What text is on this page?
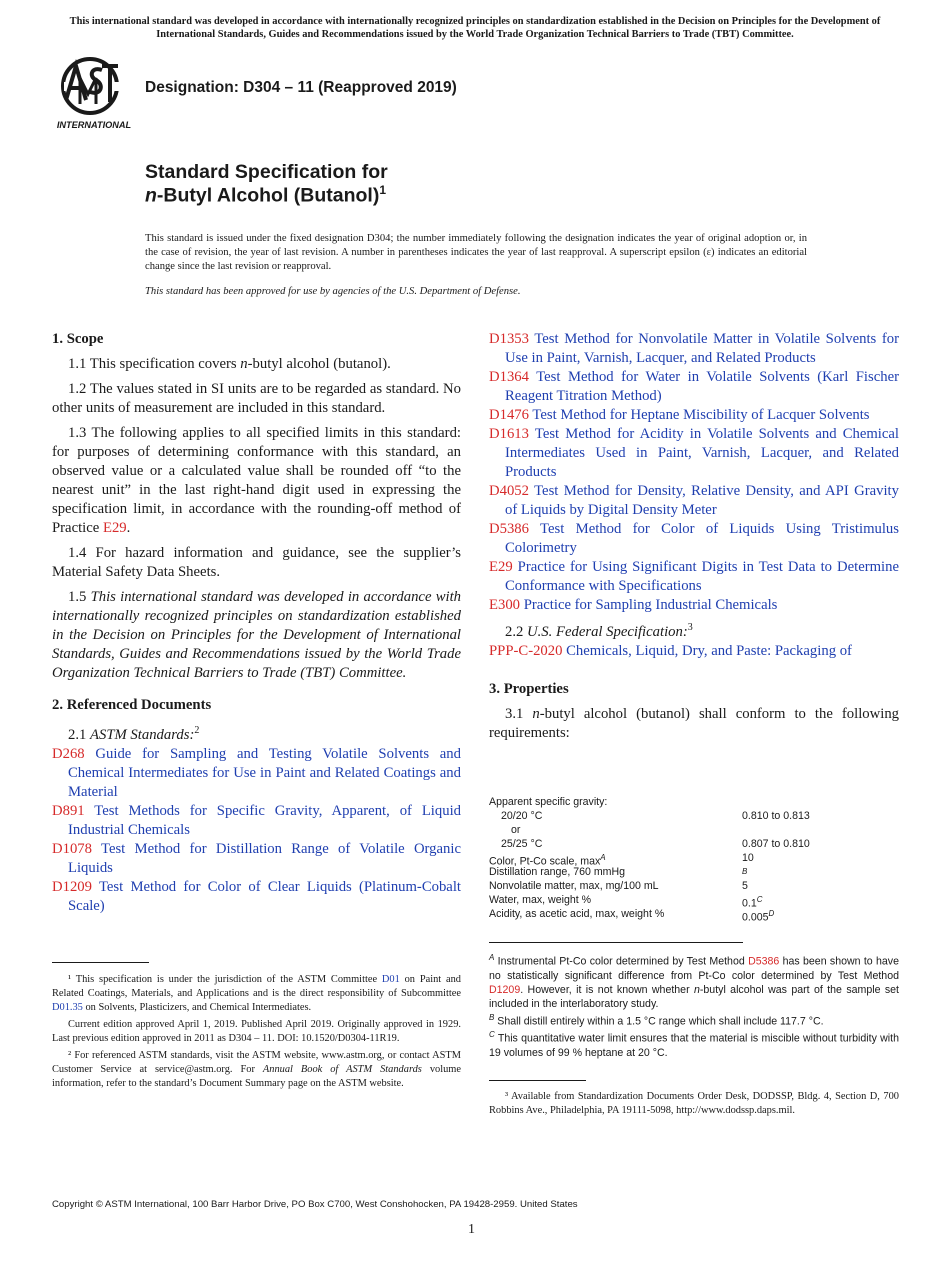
This international standard was developed in accordance with internationally recognized principles on standardization established in the Decision on Principles for the Development of International Standards, Guides and Recommendations issued by the World Trade Organization Technical Barriers to Trade (TBT) Committee.
INTERNATIONAL
Designation: D304 – 11 (Reapproved 2019)
Standard Specification for
n-Butyl Alcohol (Butanol)$^1$
This standard is issued under the fixed designation D304; the number immediately following the designation indicates the year of original adoption or, in the case of revision, the year of last revision. A number in parentheses indicates the year of last reapproval. A superscript epsilon (ε) indicates an editorial change since the last revision or reapproval.
This standard has been approved for use by agencies of the U.S. Department of Defense.
1. Scope
1.1 This specification covers n-butyl alcohol (butanol).
1.2 The values stated in SI units are to be regarded as standard. No other units of measurement are included in this standard.
1.3 The following applies to all specified limits in this standard: for purposes of determining conformance with this standard, an observed value or a calculated value shall be rounded off “to the nearest unit” in the last right-hand digit used in expressing the specification limit, in accordance with the rounding-off method of Practice E29.
1.4 For hazard information and guidance, see the supplier’s Material Safety Data Sheets.
1.5 This international standard was developed in accordance with internationally recognized principles on standardization established in the Decision on Principles for the Development of International Standards, Guides and Recommendations issued by the World Trade Organization Technical Barriers to Trade (TBT) Committee.
2. Referenced Documents
2.1 ASTM Standards:$^2$
D268 Guide for Sampling and Testing Volatile Solvents and Chemical Intermediates for Use in Paint and Related Coatings and Material
D891 Test Methods for Specific Gravity, Apparent, of Liquid Industrial Chemicals
D1078 Test Method for Distillation Range of Volatile Organic Liquids
D1209 Test Method for Color of Clear Liquids (Platinum-Cobalt Scale)
¹ This specification is under the jurisdiction of the ASTM Committee D01 on Paint and Related Coatings, Materials, and Applications and is the direct responsibility of Subcommittee D01.35 on Solvents, Plasticizers, and Chemical Intermediates.
Current edition approved April 1, 2019. Published April 2019. Originally approved in 1929. Last previous edition approved in 2011 as D304 – 11. DOI: 10.1520/D0304-11R19.
² For referenced ASTM standards, visit the ASTM website, www.astm.org, or contact ASTM Customer Service at service@astm.org. For Annual Book of ASTM Standards volume information, refer to the standard’s Document Summary page on the ASTM website.
D1353 Test Method for Nonvolatile Matter in Volatile Solvents for Use in Paint, Varnish, Lacquer, and Related Products
D1364 Test Method for Water in Volatile Solvents (Karl Fischer Reagent Titration Method)
D1476 Test Method for Heptane Miscibility of Lacquer Solvents
D1613 Test Method for Acidity in Volatile Solvents and Chemical Intermediates Used in Paint, Varnish, Lacquer, and Related Products
D4052 Test Method for Density, Relative Density, and API Gravity of Liquids by Digital Density Meter
D5386 Test Method for Color of Liquids Using Tristimulus Colorimetry
E29 Practice for Using Significant Digits in Test Data to Determine Conformance with Specifications
E300 Practice for Sampling Industrial Chemicals
2.2 U.S. Federal Specification:$^3$
PPP-C-2020 Chemicals, Liquid, Dry, and Paste: Packaging of
3. Properties
3.1 n-butyl alcohol (butanol) shall conform to the following requirements:
Apparent specific gravity:
20/20 °C	0.810 to 0.813
or
25/25 °C	0.807 to 0.810
Color, Pt-Co scale, $\max^A$	10
Distillation range, 760 mmHg	$^B$
Nonvolatile matter, max, mg/100 mL	5
Water, max, weight %	$0.1^C$
Acidity, as acetic acid, max, weight %	$0.005^D$
$^A$ Instrumental Pt-Co color determined by Test Method D5386 has been shown to have no statistically significant difference from Pt-Co color determined by Test Method D1209. However, it is not known whether n-butyl alcohol was part of the sample set included in the interlaboratory study.
$^B$ Shall distill entirely within a 1.5 °C range which shall include 117.7 °C.
$^C$ This quantitative water limit ensures that the material is miscible without turbidity with 19 volumes of 99 % heptane at 20 °C.
³ Available from Standardization Documents Order Desk, DODSSP, Bldg. 4, Section D, 700 Robbins Ave., Philadelphia, PA 19111-5098, http://www.dodssp.daps.mil.
Copyright © ASTM International, 100 Barr Harbor Drive, PO Box C700, West Conshohocken, PA 19428-2959. United States
1
